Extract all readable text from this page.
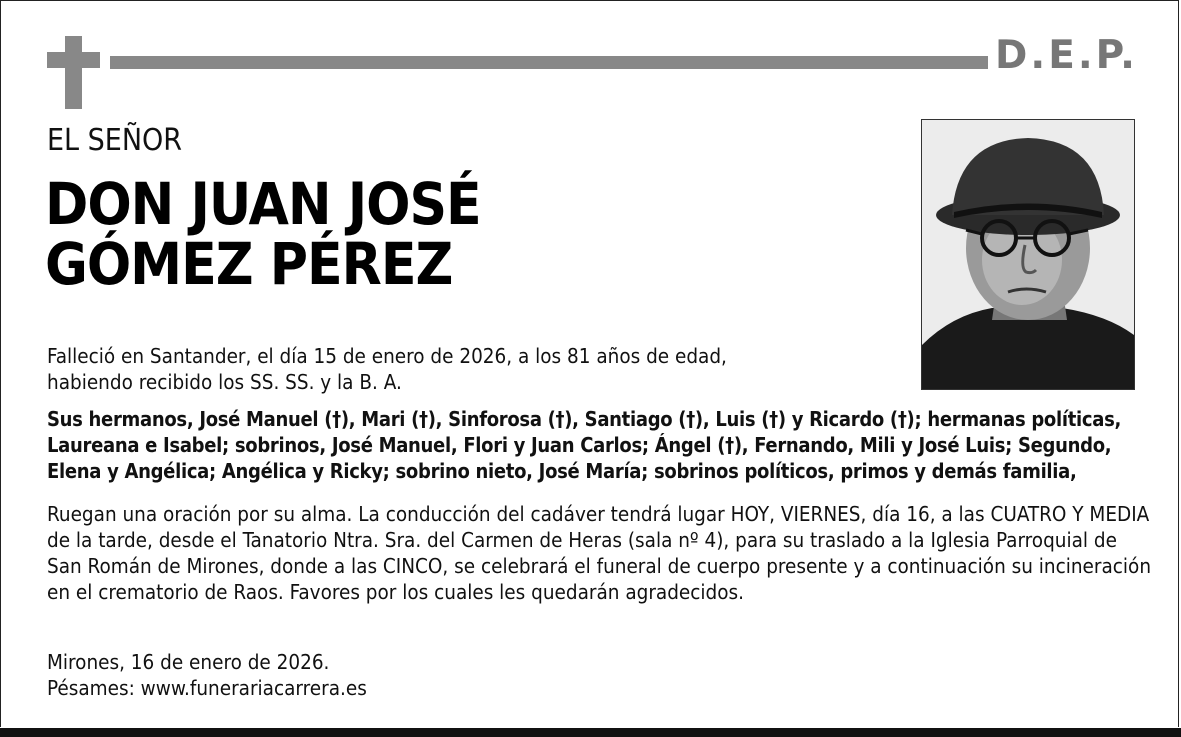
D.E.P.
EL SEÑOR
DON JUAN JOSÉ
GÓMEZ PÉREZ
Falleció en Santander, el día 15 de enero de 2026, a los 81 años de edad,
habiendo recibido los SS. SS. y la B. A.
Sus hermanos, José Manuel (†), Mari (†), Sinforosa (†), Santiago (†), Luis (†) y Ricardo (†); hermanas políticas, Laureana e Isabel; sobrinos, José Manuel, Flori y Juan Carlos; Ángel (†), Fernando, Mili y José Luis; Segundo, Elena y Angélica; Angélica y Ricky; sobrino nieto, José María; sobrinos políticos, primos y demás familia,
Ruegan una oración por su alma. La conducción del cadáver tendrá lugar HOY, VIERNES, día 16, a las CUATRO Y MEDIA de la tarde, desde el Tanatorio Ntra. Sra. del Carmen de Heras (sala nº 4), para su traslado a la Iglesia Parroquial de San Román de Mirones, donde a las CINCO, se celebrará el funeral de cuerpo presente y a continuación su incineración en el crematorio de Raos. Favores por los cuales les quedarán agradecidos.
Mirones, 16 de enero de 2026.
Pésames: www.funerariacarrera.es
